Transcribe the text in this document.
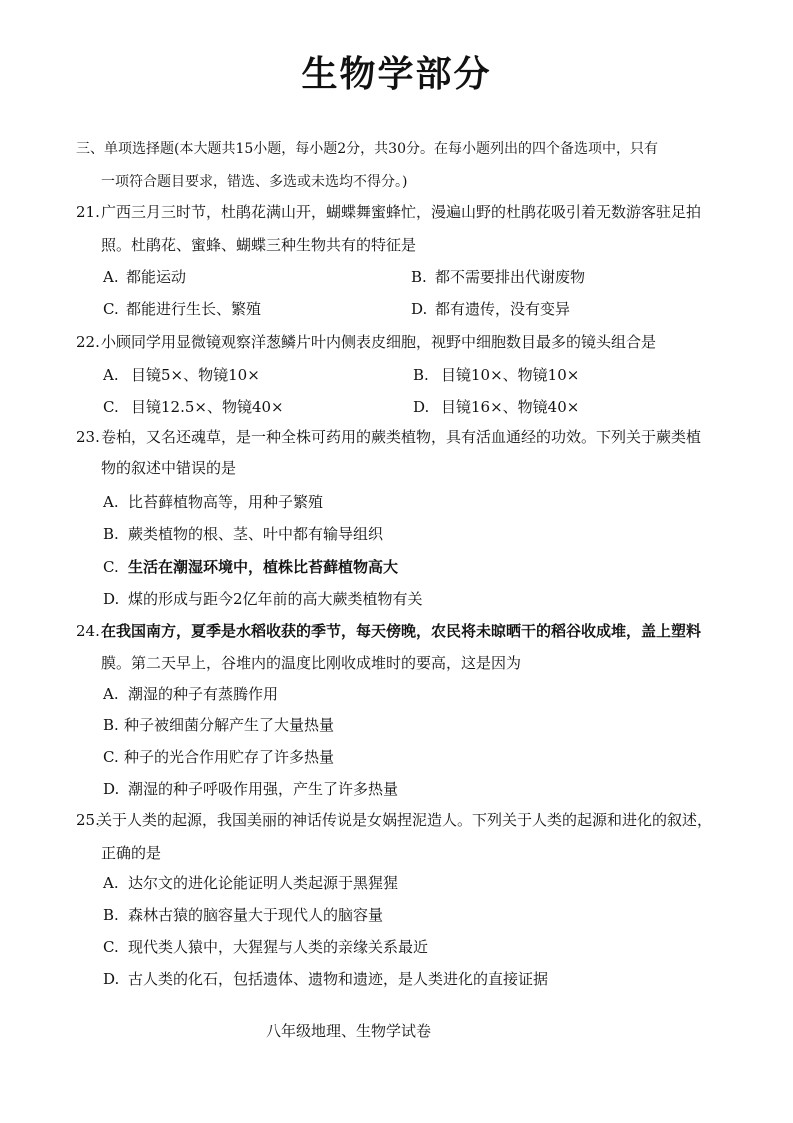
生物学部分
三、单项选择题(本大题共15小题，每小题2分，共30分。在每小题列出的四个备选项中，只有
一项符合题目要求，错选、多选或未选均不得分。)
21. 广西三月三时节，杜鹃花满山开，蝴蝶舞蜜蜂忙，漫遍山野的杜鹃花吸引着无数游客驻足拍
照。杜鹃花、蜜蜂、蝴蝶三种生物共有的特征是
A. 都能运动	B. 都不需要排出代谢废物
C. 都能进行生长、繁殖	D. 都有遗传，没有变异
22. 小顾同学用显微镜观察洋葱鳞片叶内侧表皮细胞，视野中细胞数目最多的镜头组合是
A. 目镜5×、物镜10×	B. 目镜10×、物镜10×
C. 目镜12.5×、物镜40×	D. 目镜16×、物镜40×
23. 卷柏，又名还魂草，是一种全株可药用的蕨类植物，具有活血通经的功效。下列关于蕨类植
物的叙述中错误的是
A. 比苔藓植物高等，用种子繁殖
B. 蕨类植物的根、茎、叶中都有输导组织
C. 生活在潮湿环境中，植株比苔藓植物高大
D. 煤的形成与距今2亿年前的高大蕨类植物有关
24. 在我国南方，夏季是水稻收获的季节，每天傍晚，农民将未晾晒干的稻谷收成堆，盖上塑料
膜。第二天早上，谷堆内的温度比刚收成堆时的要高，这是因为
A. 潮湿的种子有蒸腾作用
B. 种子被细菌分解产生了大量热量
C. 种子的光合作用贮存了许多热量
D. 潮湿的种子呼吸作用强，产生了许多热量
25.
关于人类的起源，我国美丽的神话传说是女娲捏泥造人。下列关于人类的起源和进化的叙述，
正确的是
A. 达尔文的进化论能证明人类起源于黑猩猩
B. 森林古猿的脑容量大于现代人的脑容量
C. 现代类人猿中，大猩猩与人类的亲缘关系最近
D. 古人类的化石，包括遗体、遗物和遗迹，是人类进化的直接证据
八年级地理、生物学试卷
